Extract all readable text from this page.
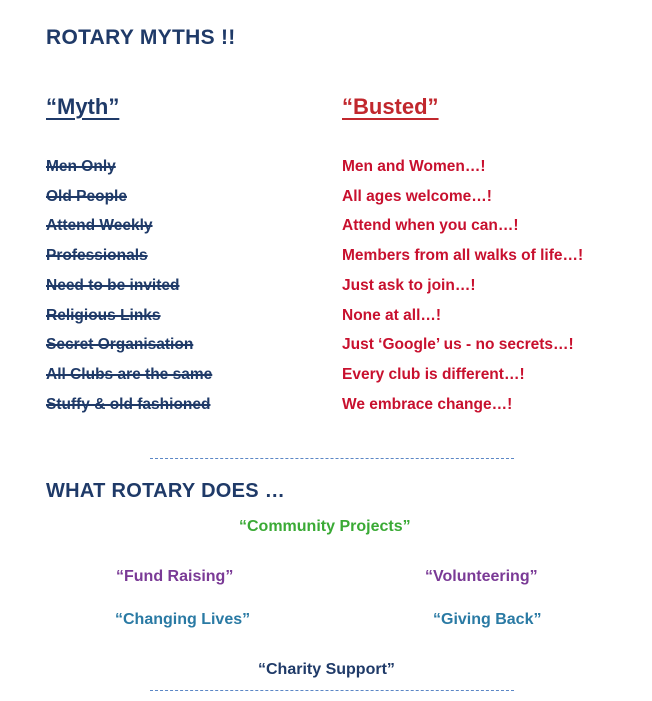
ROTARY MYTHS !!
“Myth”	“Busted”
Men Only	Men and Women…!
Old People	All ages welcome…!
Attend Weekly	Attend when you can…!
Professionals	Members from all walks of life…!
Need to be invited	Just ask to join…!
Religious Links	None at all…!
Secret Organisation	Just ‘Google’ us - no secrets…!
All Clubs are the same	Every club is different…!
Stuffy & old fashioned	We embrace change…!
WHAT ROTARY DOES …
“Community Projects”
“Fund Raising”	“Volunteering”
“Changing Lives”	“Giving Back”
“Charity Support”
